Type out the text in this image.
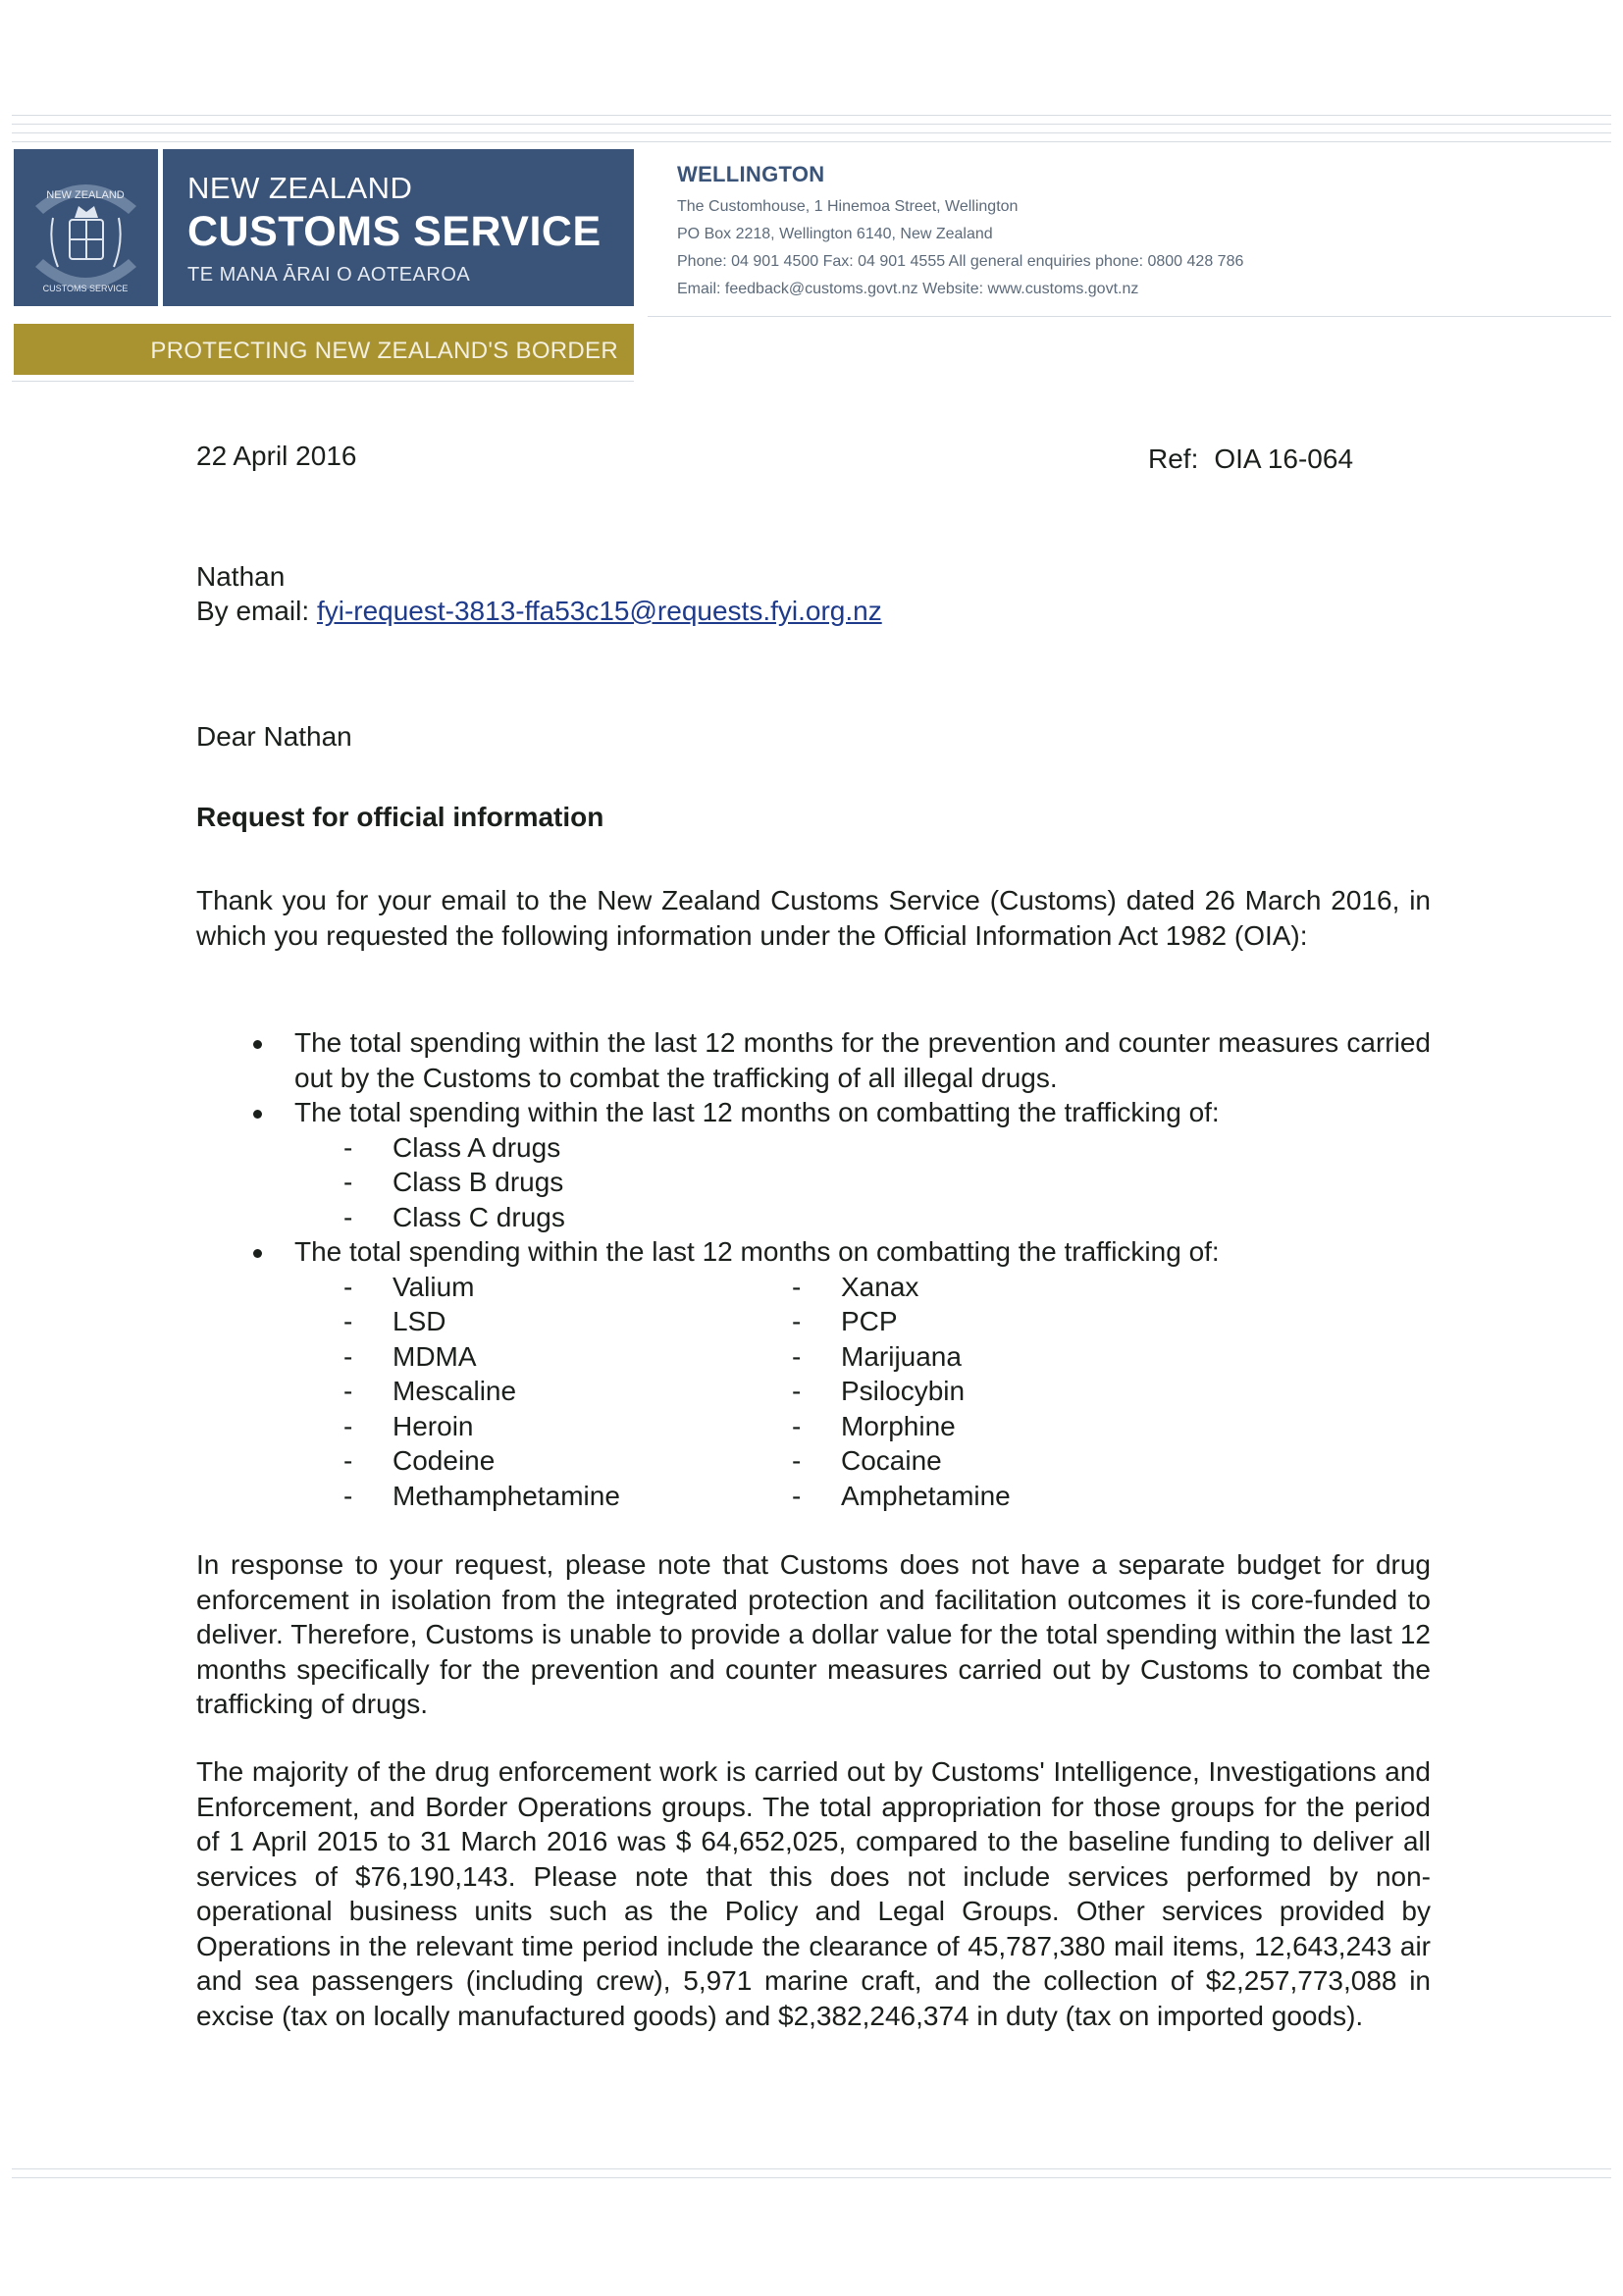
NEW ZEALAND
CUSTOMS SERVICE
NEW ZEALAND
CUSTOMS SERVICE
TE MANA ĀRAI O AOTEAROA
PROTECTING NEW ZEALAND'S BORDER
WELLINGTON
The Customhouse, 1 Hinemoa Street, Wellington
PO Box 2218, Wellington 6140, New Zealand
Phone: 04 901 4500 Fax: 04 901 4555 All general enquiries phone: 0800 428 786
Email: feedback@customs.govt.nz Website: www.customs.govt.nz
22 April 2016	Ref: OIA 16-064
Nathan
By email: fyi-request-3813-ffa53c15@requests.fyi.org.nz
Dear Nathan
Request for official information
Thank you for your email to the New Zealand Customs Service (Customs) dated 26 March 2016, in which you requested the following information under the Official Information Act 1982 (OIA):
The total spending within the last 12 months for the prevention and counter measures carried out by the Customs to combat the trafficking of all illegal drugs.
The total spending within the last 12 months on combatting the trafficking of:
- Class A drugs
- Class B drugs
- Class C drugs
The total spending within the last 12 months on combatting the trafficking of:
- Valium
- LSD
- MDMA
- Mescaline
- Heroin
- Codeine
- Methamphetamine
- Xanax
- PCP
- Marijuana
- Psilocybin
- Morphine
- Cocaine
- Amphetamine
In response to your request, please note that Customs does not have a separate budget for drug enforcement in isolation from the integrated protection and facilitation outcomes it is core-funded to deliver. Therefore, Customs is unable to provide a dollar value for the total spending within the last 12 months specifically for the prevention and counter measures carried out by Customs to combat the trafficking of drugs.
The majority of the drug enforcement work is carried out by Customs' Intelligence, Investigations and Enforcement, and Border Operations groups. The total appropriation for those groups for the period of 1 April 2015 to 31 March 2016 was $ 64,652,025, compared to the baseline funding to deliver all services of $76,190,143. Please note that this does not include services performed by non-operational business units such as the Policy and Legal Groups. Other services provided by Operations in the relevant time period include the clearance of 45,787,380 mail items, 12,643,243 air and sea passengers (including crew), 5,971 marine craft, and the collection of $2,257,773,088 in excise (tax on locally manufactured goods) and $2,382,246,374 in duty (tax on imported goods).
